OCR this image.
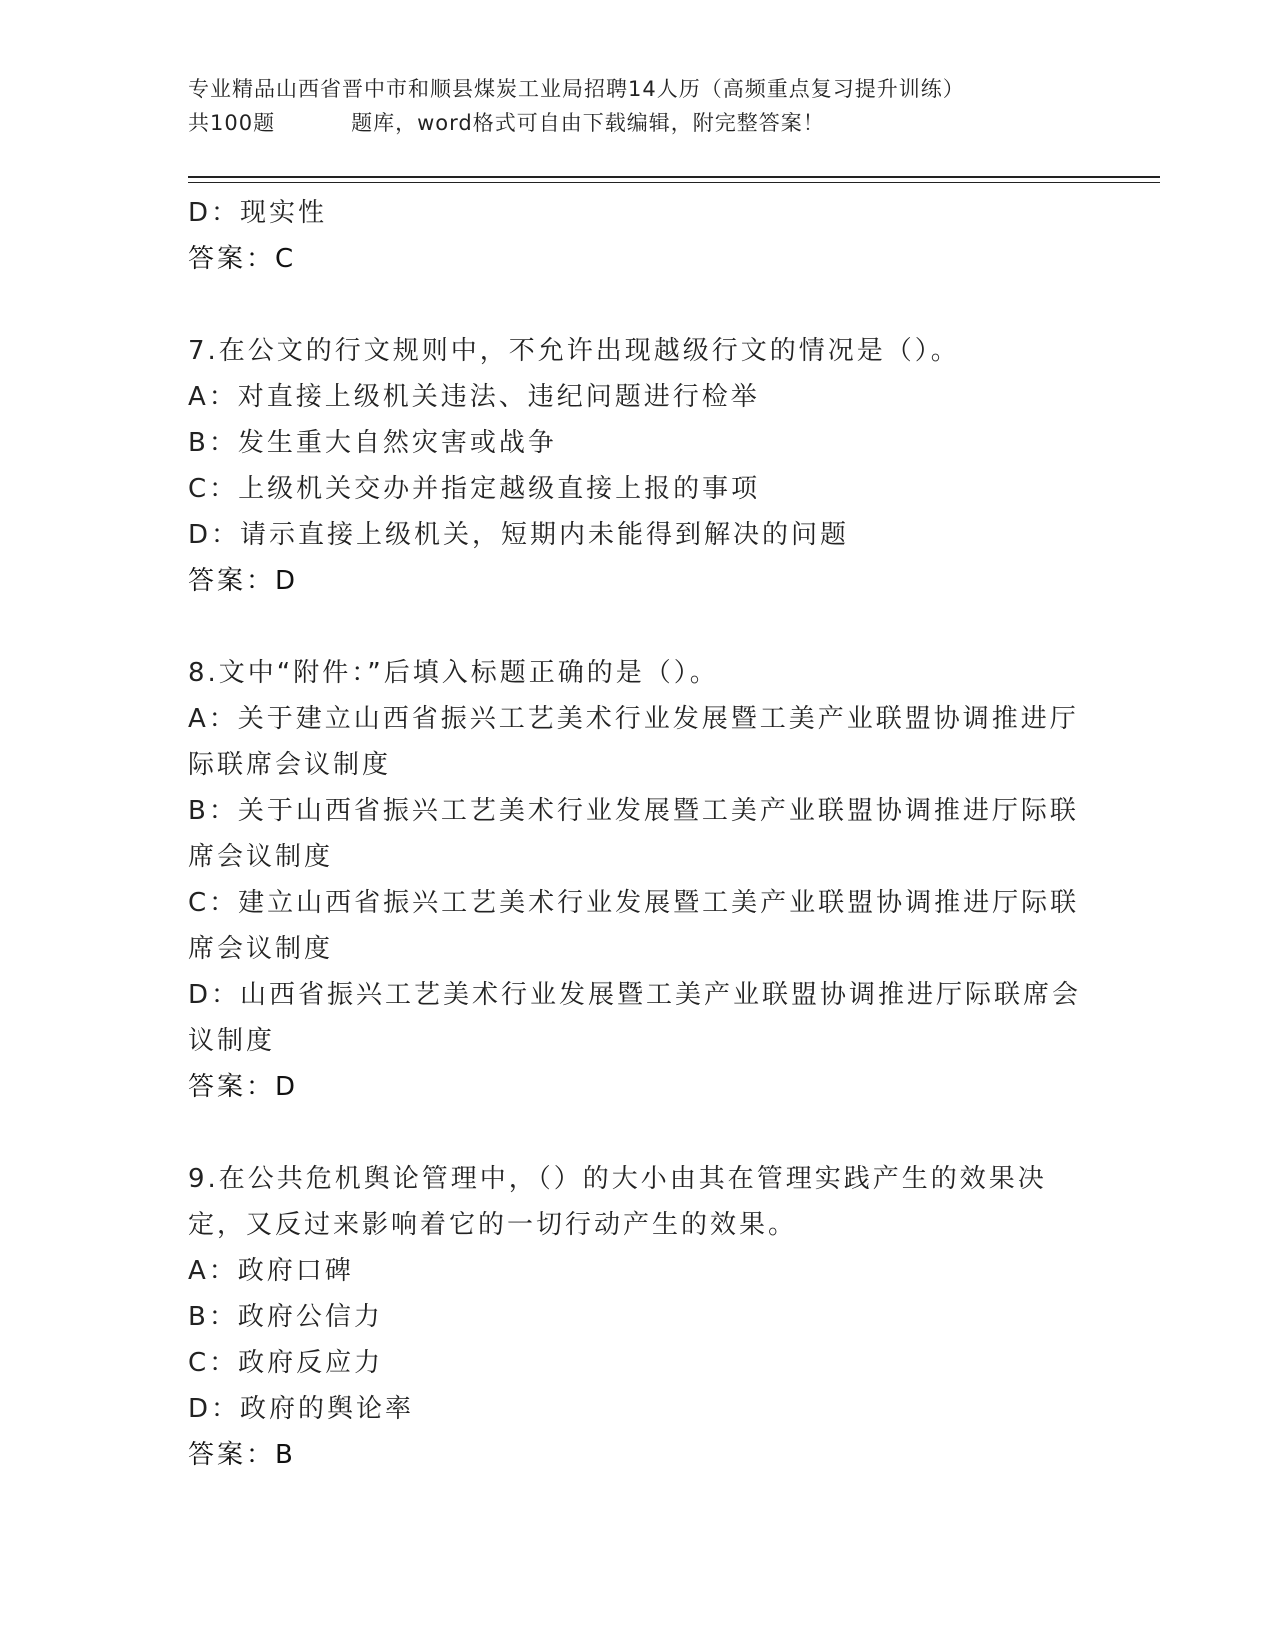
专业精品山西省晋中市和顺县煤炭工业局招聘14人历（高频重点复习提升训练）
共100题	题库，word格式可自由下载编辑，附完整答案！
D：现实性
答案：C
7.在公文的行文规则中，不允许出现越级行文的情况是（）。
A：对直接上级机关违法、违纪问题进行检举
B：发生重大自然灾害或战争
C：上级机关交办并指定越级直接上报的事项
D：请示直接上级机关，短期内未能得到解决的问题
答案：D
8.文中“附件：”后填入标题正确的是（）。
A：关于建立山西省振兴工艺美术行业发展暨工美产业联盟协调推进厅际联席会议制度
B：关于山西省振兴工艺美术行业发展暨工美产业联盟协调推进厅际联席会议制度
C：建立山西省振兴工艺美术行业发展暨工美产业联盟协调推进厅际联席会议制度
D：山西省振兴工艺美术行业发展暨工美产业联盟协调推进厅际联席会议制度
答案：D
9.在公共危机舆论管理中，（）的大小由其在管理实践产生的效果决定，又反过来影响着它的一切行动产生的效果。
A：政府口碑
B：政府公信力
C：政府反应力
D：政府的舆论率
答案：B
